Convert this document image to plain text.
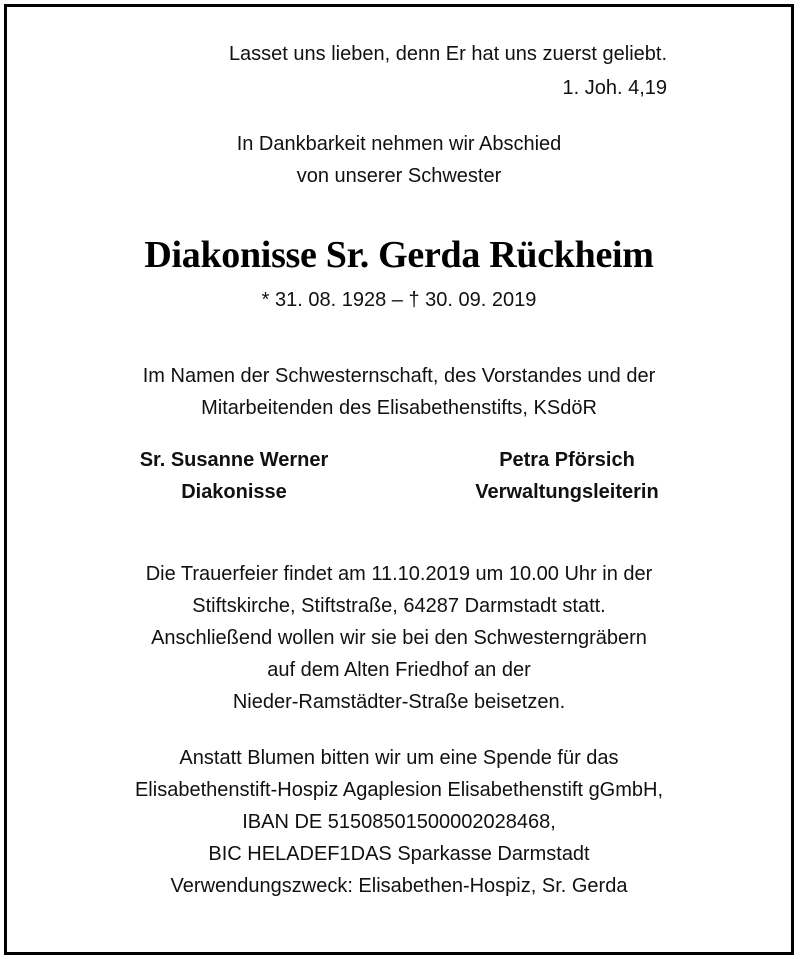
Lasset uns lieben, denn Er hat uns zuerst geliebt.
1. Joh. 4,19
In Dankbarkeit nehmen wir Abschied
von unserer Schwester
Diakonisse Sr. Gerda Rückheim
* 31. 08. 1928 – † 30. 09. 2019
Im Namen der Schwesternschaft, des Vorstandes und der
Mitarbeitenden des Elisabethenstifts, KSdöR
Sr. Susanne Werner
Diakonisse
Petra Pförsich
Verwaltungsleiterin
Die Trauerfeier findet am 11.10.2019 um 10.00 Uhr in der
Stiftskirche, Stiftstraße, 64287 Darmstadt statt.
Anschließend wollen wir sie bei den Schwesterngräbern
auf dem Alten Friedhof an der
Nieder-Ramstädter-Straße beisetzen.
Anstatt Blumen bitten wir um eine Spende für das
Elisabethenstift-Hospiz Agaplesion Elisabethenstift gGmbH,
IBAN DE 51508501500002028468,
BIC HELADEF1DAS Sparkasse Darmstadt
Verwendungszweck: Elisabethen-Hospiz, Sr. Gerda
